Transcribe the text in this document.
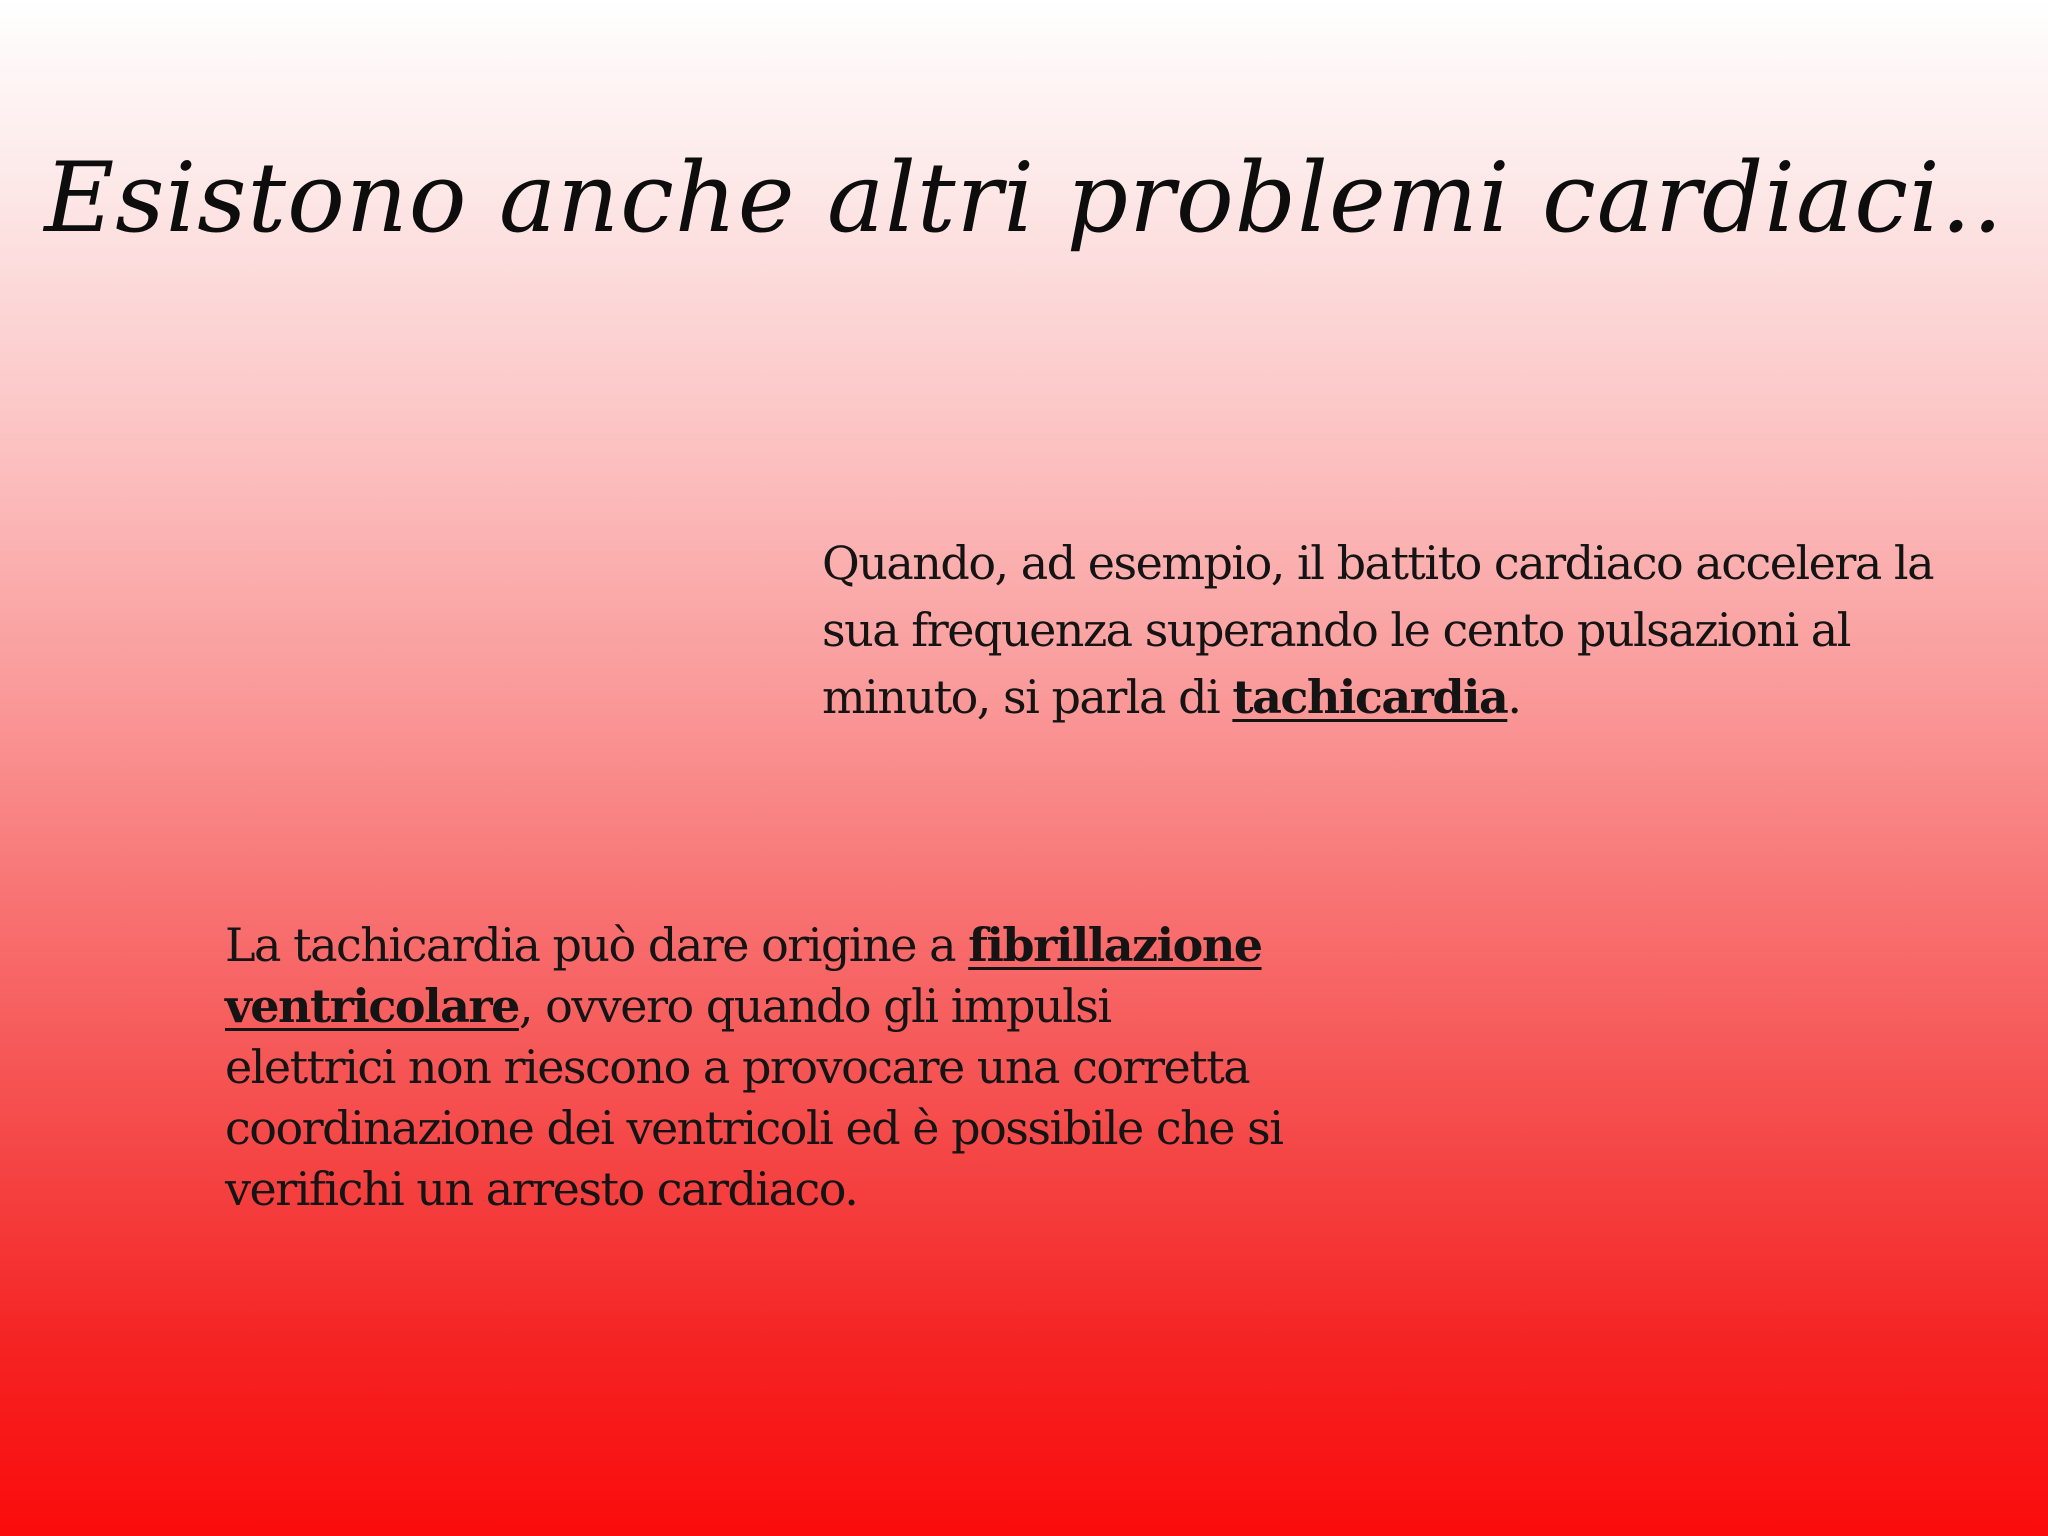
Esistono anche altri problemi cardiaci..

Quando, ad esempio, il battito cardiaco accelera la sua frequenza superando le cento pulsazioni al minuto, si parla di tachicardia.

La tachicardia può dare origine a fibrillazione ventricolare, ovvero quando gli impulsi elettrici non riescono a provocare una corretta coordinazione dei ventricoli ed è possibile che si verifichi un arresto cardiaco.
